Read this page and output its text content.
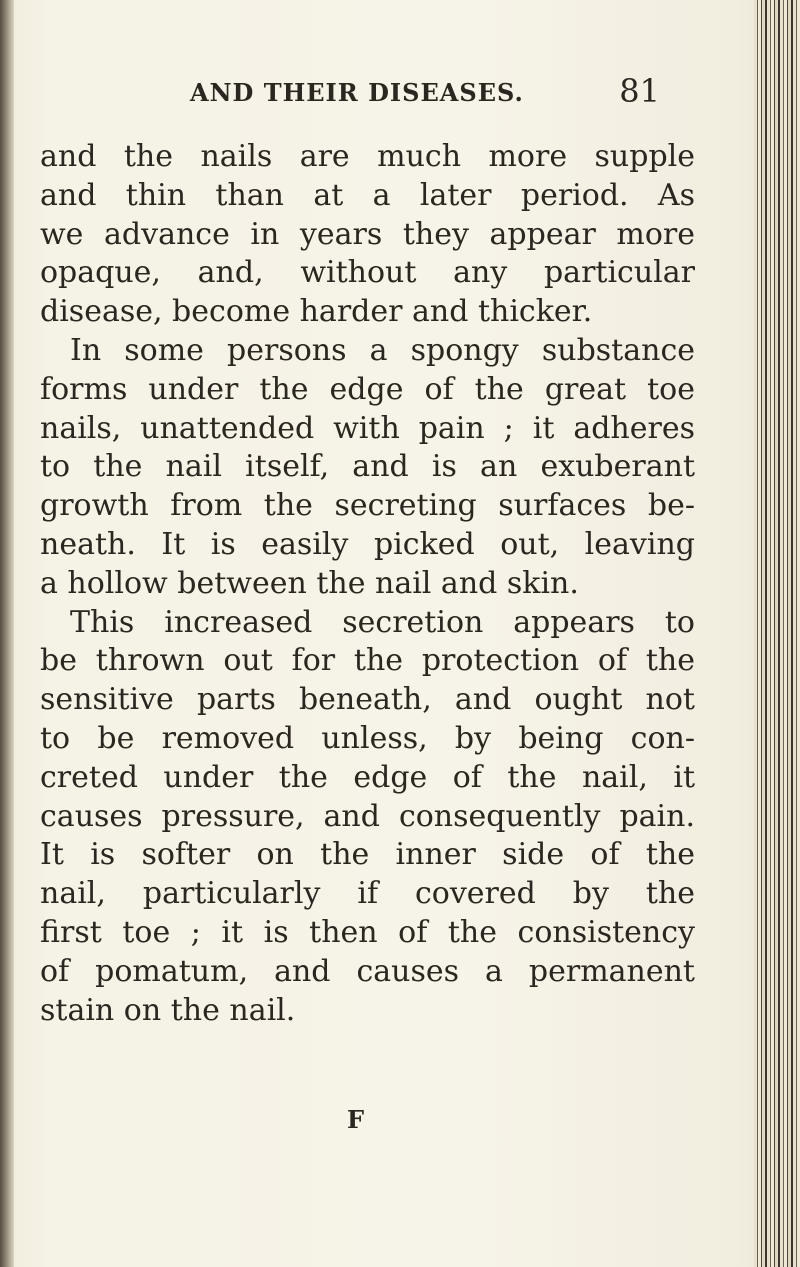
AND THEIR DISEASES.	81
and the nails are much more supple
and thin than at a later period. As
we advance in years they appear more
opaque, and, without any particular
disease, become harder and thicker.
In some persons a spongy substance
forms under the edge of the great toe
nails, unattended with pain ; it adheres
to the nail itself, and is an exuberant
growth from the secreting surfaces be-
neath. It is easily picked out, leaving
a hollow between the nail and skin.
This increased secretion appears to
be thrown out for the protection of the
sensitive parts beneath, and ought not
to be removed unless, by being con-
creted under the edge of the nail, it
causes pressure, and consequently pain.
It is softer on the inner side of the
nail, particularly if covered by the
first toe ; it is then of the consistency
of pomatum, and causes a permanent
stain on the nail.
F
